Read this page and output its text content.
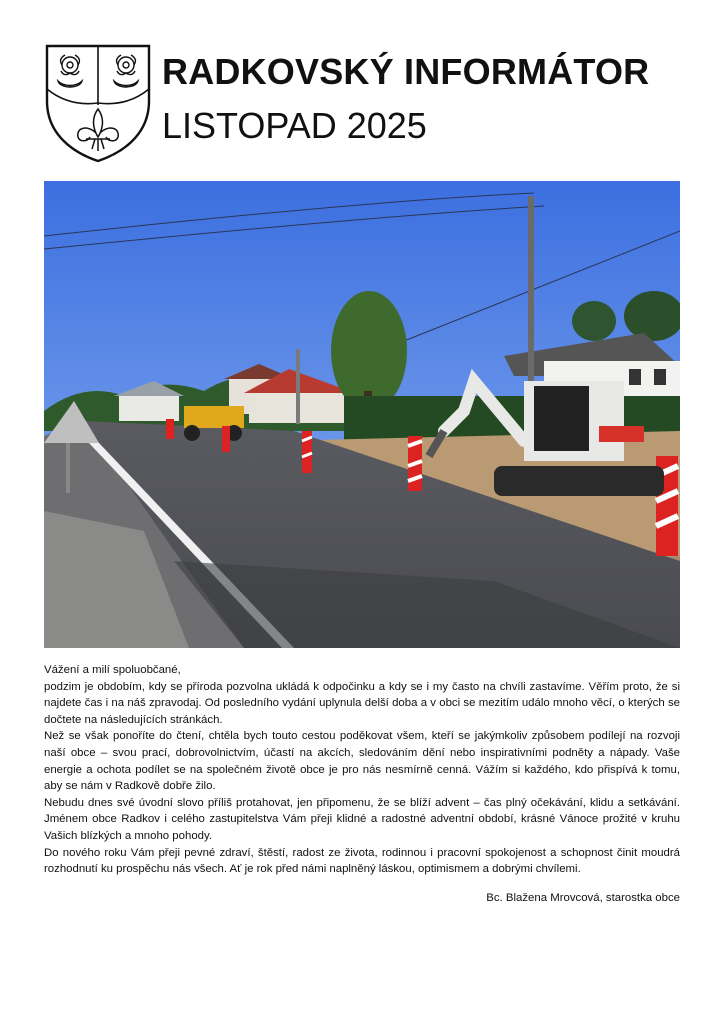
RADKOVSKÝ INFORMÁTOR
LISTOPAD 2025

Vážení a milí spoluobčané,

podzim je obdobím, kdy se příroda pozvolna ukládá k odpočinku a kdy se i my často na chvíli zastavíme. Věřím proto, že si najdete čas i na náš zpravodaj. Od posledního vydání uplynula delší doba a v obci se mezitím událo mnoho věcí, o kterých se dočtete na následujících stránkách.

Než se však ponoříte do čtení, chtěla bych touto cestou poděkovat všem, kteří se jakýmkoliv způsobem podílejí na rozvoji naší obce – svou prací, dobrovolnictvím, účastí na akcích, sledováním dění nebo inspirativními podněty a nápady. Vaše energie a ochota podílet se na společném životě obce je pro nás nesmírně cenná. Vážím si každého, kdo přispívá k tomu, aby se nám v Radkově dobře žilo.

Nebudu dnes své úvodní slovo příliš protahovat, jen připomenu, že se blíží advent – čas plný očekávání, klidu a setkávání. Jménem obce Radkov i celého zastupitelstva Vám přeji klidné a radostné adventní období, krásné Vánoce prožité v kruhu Vašich blízkých a mnoho pohody.

Do nového roku Vám přeji pevné zdraví, štěstí, radost ze života, rodinnou i pracovní spokojenost a schopnost činit moudrá rozhodnutí ku prospěchu nás všech. Ať je rok před námi naplněný láskou, optimismem a dobrými chvílemi.

Bc. Blažena Mrovcová, starostka obce
